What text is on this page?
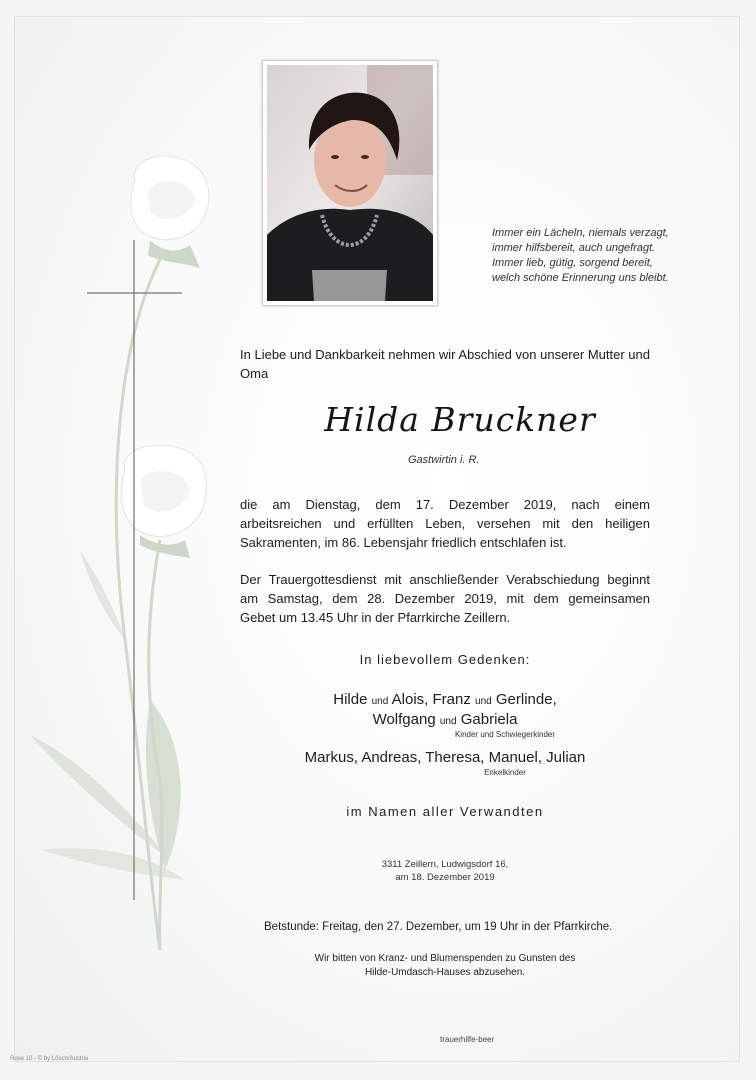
Immer ein Lächeln, niemals verzagt,
immer hilfsbereit, auch ungefragt.
Immer lieb, gütig, sorgend bereit,
welch schöne Erinnerung uns bleibt.
In Liebe und Dankbarkeit nehmen wir Abschied von unserer Mutter und Oma
Hilda Bruckner
Gastwirtin i. R.
die am Dienstag, dem 17. Dezember 2019, nach einem
arbeitsreichen und erfüllten Leben, versehen mit den heiligen
Sakramenten, im 86. Lebensjahr friedlich entschlafen ist.
Der Trauergottesdienst mit anschließender Verabschiedung beginnt
am Samstag, dem 28. Dezember 2019, mit dem gemeinsamen
Gebet um 13.45 Uhr in der Pfarrkirche Zeillern.
In liebevollem Gedenken:
Hilde und Alois, Franz und Gerlinde,
Wolfgang und Gabriela
Kinder und Schwiegerkinder
Markus, Andreas, Theresa, Manuel, Julian
Enkelkinder
im Namen aller Verwandten
3311 Zeillern, Ludwigsdorf 16,
am 18. Dezember 2019
Betstunde: Freitag, den 27. Dezember, um 19 Uhr in der Pfarrkirche.
Wir bitten von Kranz- und Blumenspenden zu Gunsten des
Hilde-Umdasch-Hauses abzusehen.
trauerhilfe-beer
Rose 10 - © by Lösch/Austria
